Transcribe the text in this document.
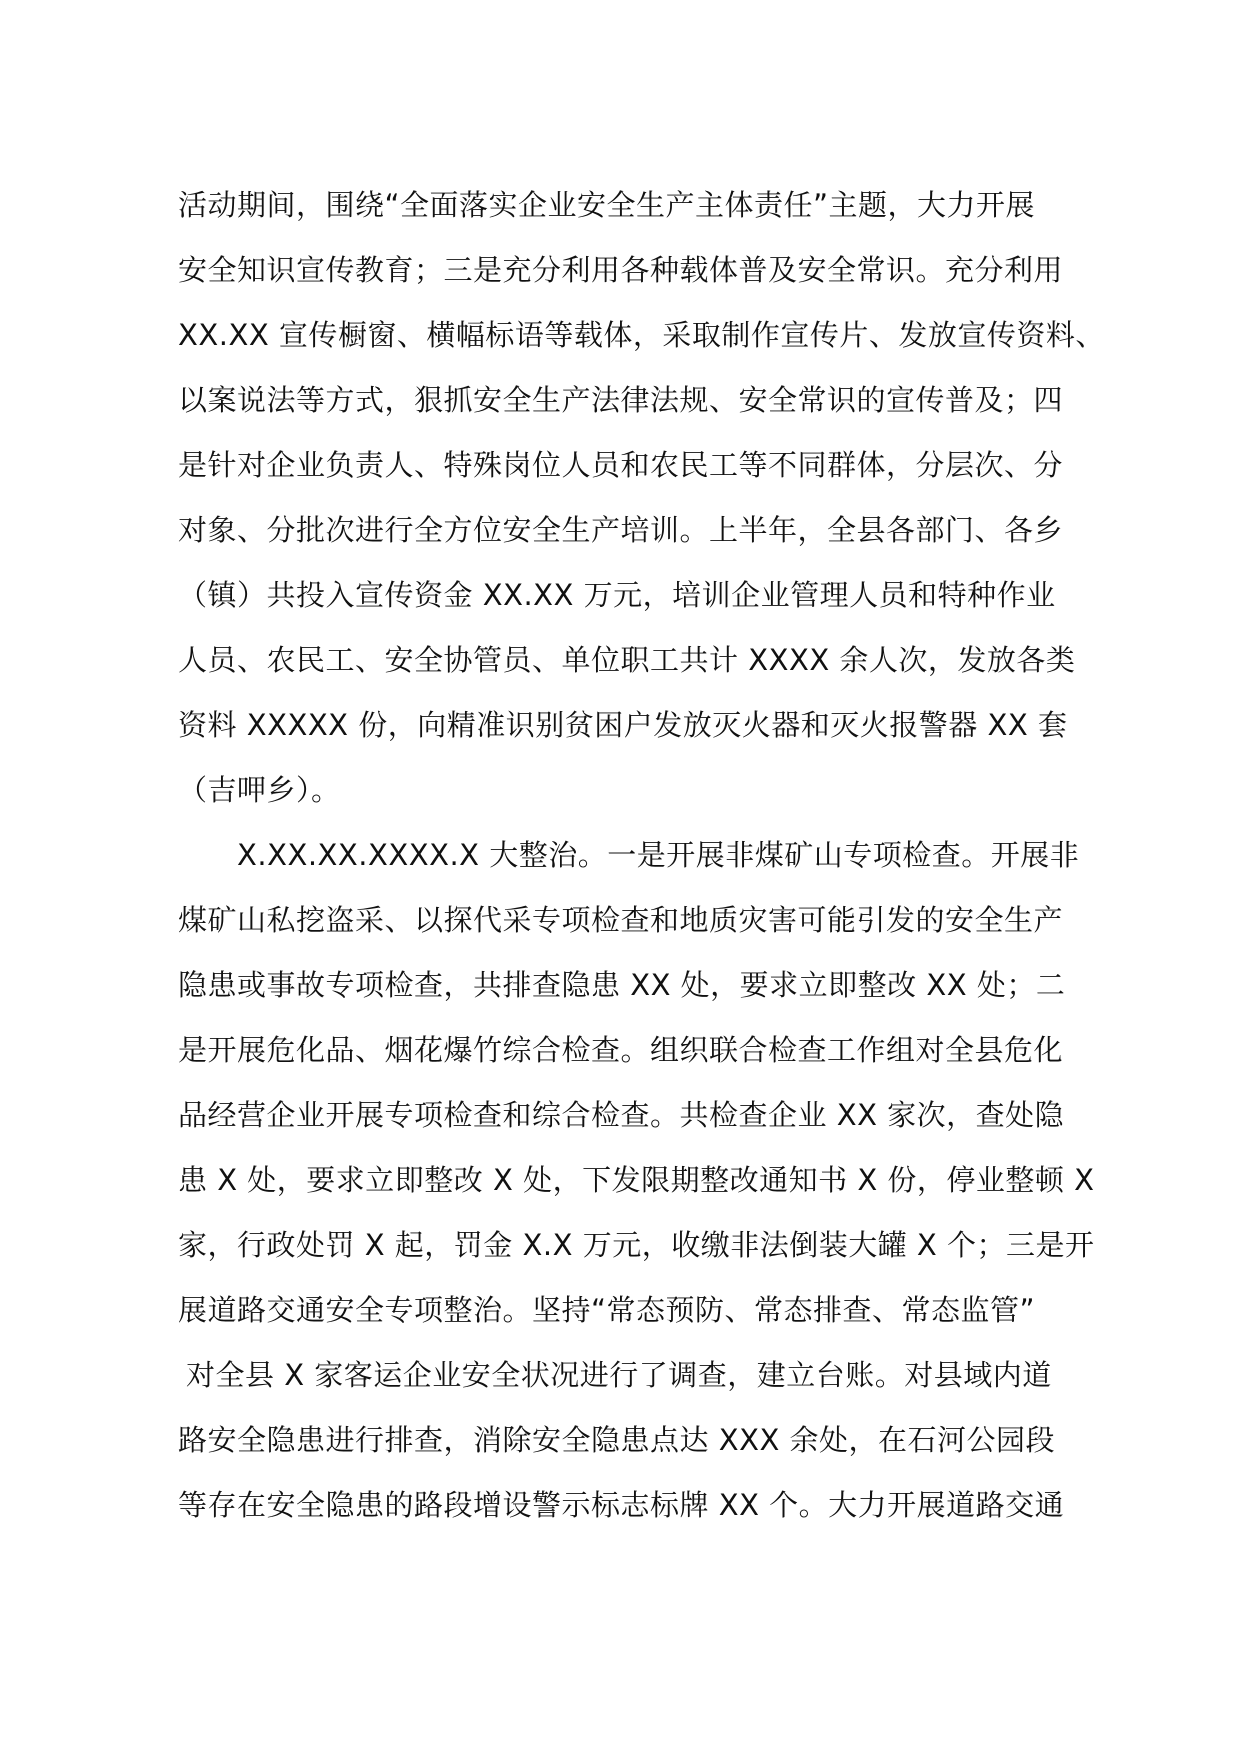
活动期间，围绕“全面落实企业安全生产主体责任”主题，大力开展
安全知识宣传教育；三是充分利用各种载体普及安全常识。充分利用
XX.XX 宣传橱窗、横幅标语等载体，采取制作宣传片、发放宣传资料、
以案说法等方式，狠抓安全生产法律法规、安全常识的宣传普及；四
是针对企业负责人、特殊岗位人员和农民工等不同群体，分层次、分
对象、分批次进行全方位安全生产培训。上半年，全县各部门、各乡
（镇）共投入宣传资金 XX.XX 万元，培训企业管理人员和特种作业
人员、农民工、安全协管员、单位职工共计 XXXX 余人次，发放各类
资料 XXXXX 份，向精准识别贫困户发放灭火器和灭火报警器 XX 套
（吉呷乡）。
X.XX.XX.XXXX.X 大整治。一是开展非煤矿山专项检查。开展非
煤矿山私挖盗采、以探代采专项检查和地质灾害可能引发的安全生产
隐患或事故专项检查，共排查隐患 XX 处，要求立即整改 XX 处；二
是开展危化品、烟花爆竹综合检查。组织联合检查工作组对全县危化
品经营企业开展专项检查和综合检查。共检查企业 XX 家次，查处隐
患 X 处，要求立即整改 X 处，下发限期整改通知书 X 份，停业整顿 X
家，行政处罚 X 起，罚金 X.X 万元，收缴非法倒装大罐 X 个；三是开
展道路交通安全专项整治。坚持“常态预防、常态排查、常态监管”
对全县 X 家客运企业安全状况进行了调查，建立台账。对县域内道
路安全隐患进行排查，消除安全隐患点达 XXX 余处，在石河公园段
等存在安全隐患的路段增设警示标志标牌 XX 个。大力开展道路交通
